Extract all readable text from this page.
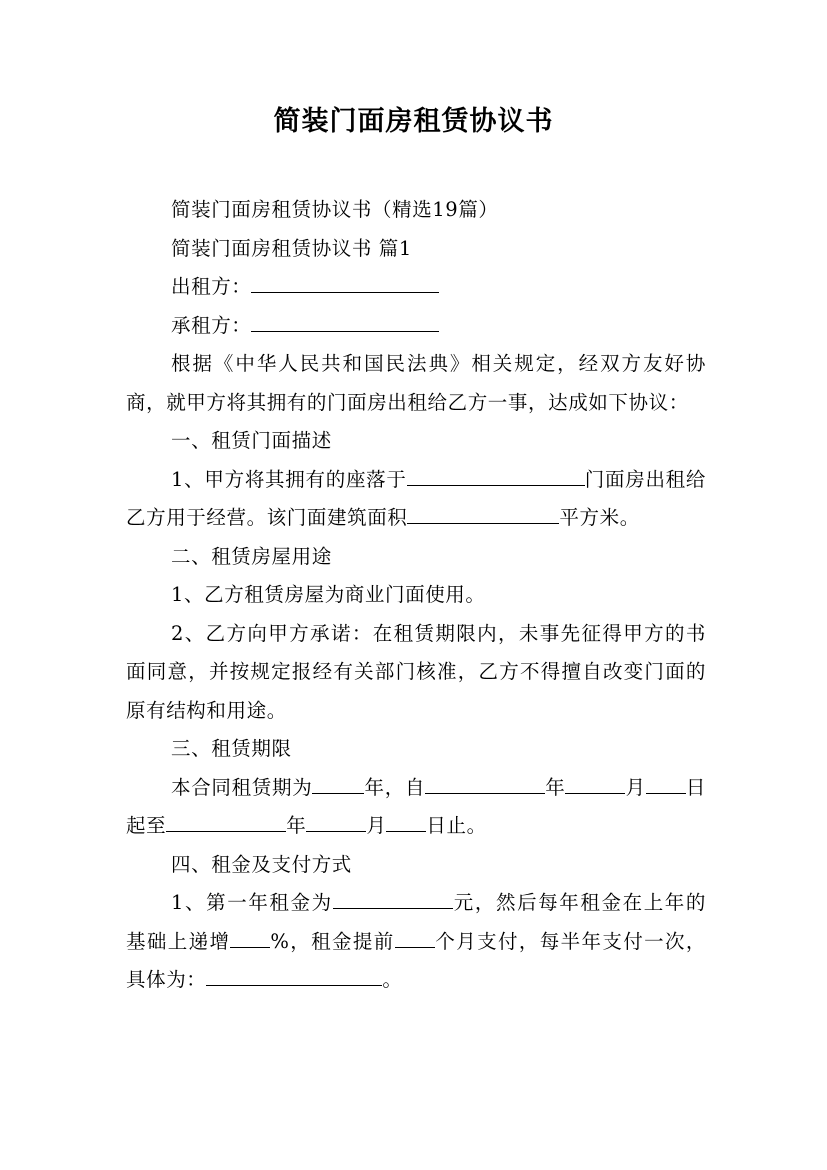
简装门面房租赁协议书

简装门面房租赁协议书（精选19篇）

简装门面房租赁协议书 篇1

出租方：

承租方：

根据《中华人民共和国民法典》相关规定，经双方友好协商，就甲方将其拥有的门面房出租给乙方一事，达成如下协议：

一、租赁门面描述

1、甲方将其拥有的座落于	门面房出租给乙方用于经营。该门面建筑面积	平方米。

二、租赁房屋用途

1、乙方租赁房屋为商业门面使用。

2、乙方向甲方承诺：在租赁期限内，未事先征得甲方的书面同意，并按规定报经有关部门核准，乙方不得擅自改变门面的原有结构和用途。

三、租赁期限

本合同租赁期为	年，自	年	月 日起至	年	月 日止。

四、租金及支付方式

1、第一年租金为	元，然后每年租金在上年的基础上递增 %，租金提前 个月支付，每半年支付一次，具体为：	。
